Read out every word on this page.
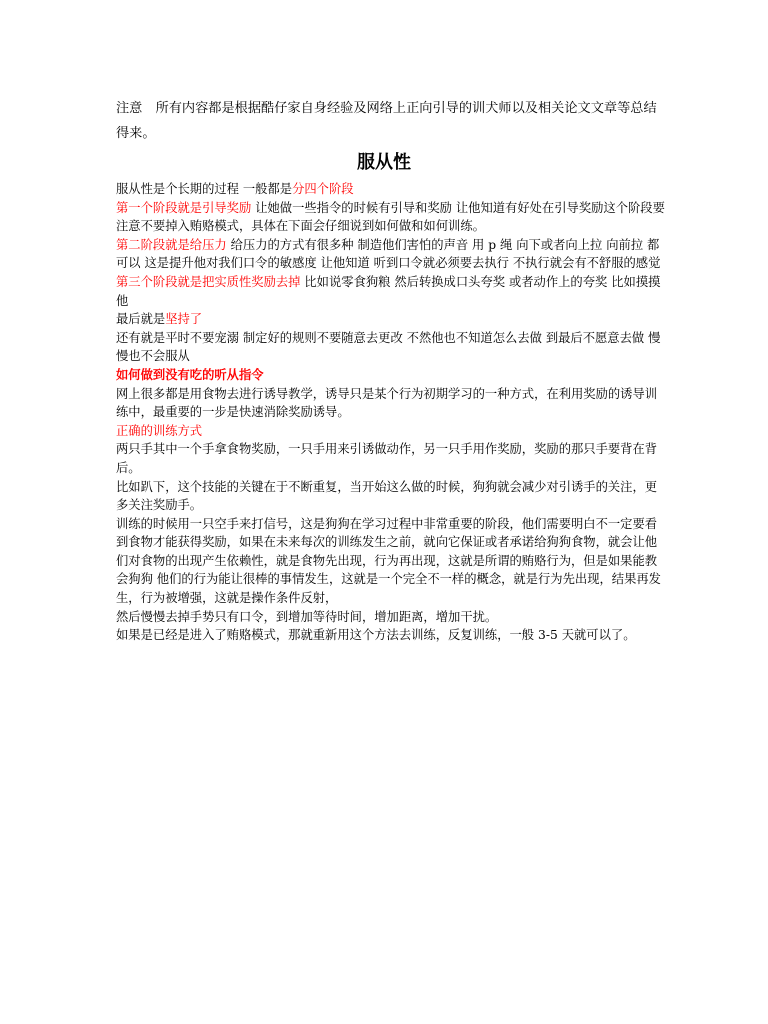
注意  所有内容都是根据酷仔家自身经验及网络上正向引导的训犬师以及相关论文文章等总结得来。
服从性

服从性是个长期的过程 一般都是分四个阶段

第一个阶段就是引导奖励 让她做一些指令的时候有引导和奖励 让他知道有好处在引导奖励这个阶段要注意不要掉入贿赂模式，具体在下面会仔细说到如何做和如何训练。

第二阶段就是给压力 给压力的方式有很多种 制造他们害怕的声音 用 p 绳 向下或者向上拉 向前拉 都可以 这是提升他对我们口令的敏感度 让他知道 听到口令就必须要去执行 不执行就会有不舒服的感觉

第三个阶段就是把实质性奖励去掉 比如说零食狗粮 然后转换成口头夸奖 或者动作上的夸奖 比如摸摸他

最后就是坚持了

还有就是平时不要宠溺 制定好的规则不要随意去更改 不然他也不知道怎么去做 到最后不愿意去做 慢慢也不会服从

如何做到没有吃的听从指令

网上很多都是用食物去进行诱导教学，诱导只是某个行为初期学习的一种方式，在利用奖励的诱导训练中，最重要的一步是快速消除奖励诱导。

正确的训练方式

两只手其中一个手拿食物奖励，一只手用来引诱做动作，另一只手用作奖励，奖励的那只手要背在背后。

比如趴下，这个技能的关键在于不断重复，当开始这么做的时候，狗狗就会减少对引诱手的关注，更多关注奖励手。

训练的时候用一只空手来打信号，这是狗狗在学习过程中非常重要的阶段，他们需要明白不一定要看到食物才能获得奖励，如果在未来每次的训练发生之前，就向它保证或者承诺给狗狗食物，就会让他们对食物的出现产生依赖性，就是食物先出现，行为再出现，这就是所谓的贿赂行为，但是如果能教会狗狗 他们的行为能让很棒的事情发生，这就是一个完全不一样的概念，就是行为先出现，结果再发生，行为被增强，这就是操作条件反射，

然后慢慢去掉手势只有口令，到增加等待时间，增加距离，增加干扰。

如果是已经是进入了贿赂模式，那就重新用这个方法去训练，反复训练，一般 3-5 天就可以了。
